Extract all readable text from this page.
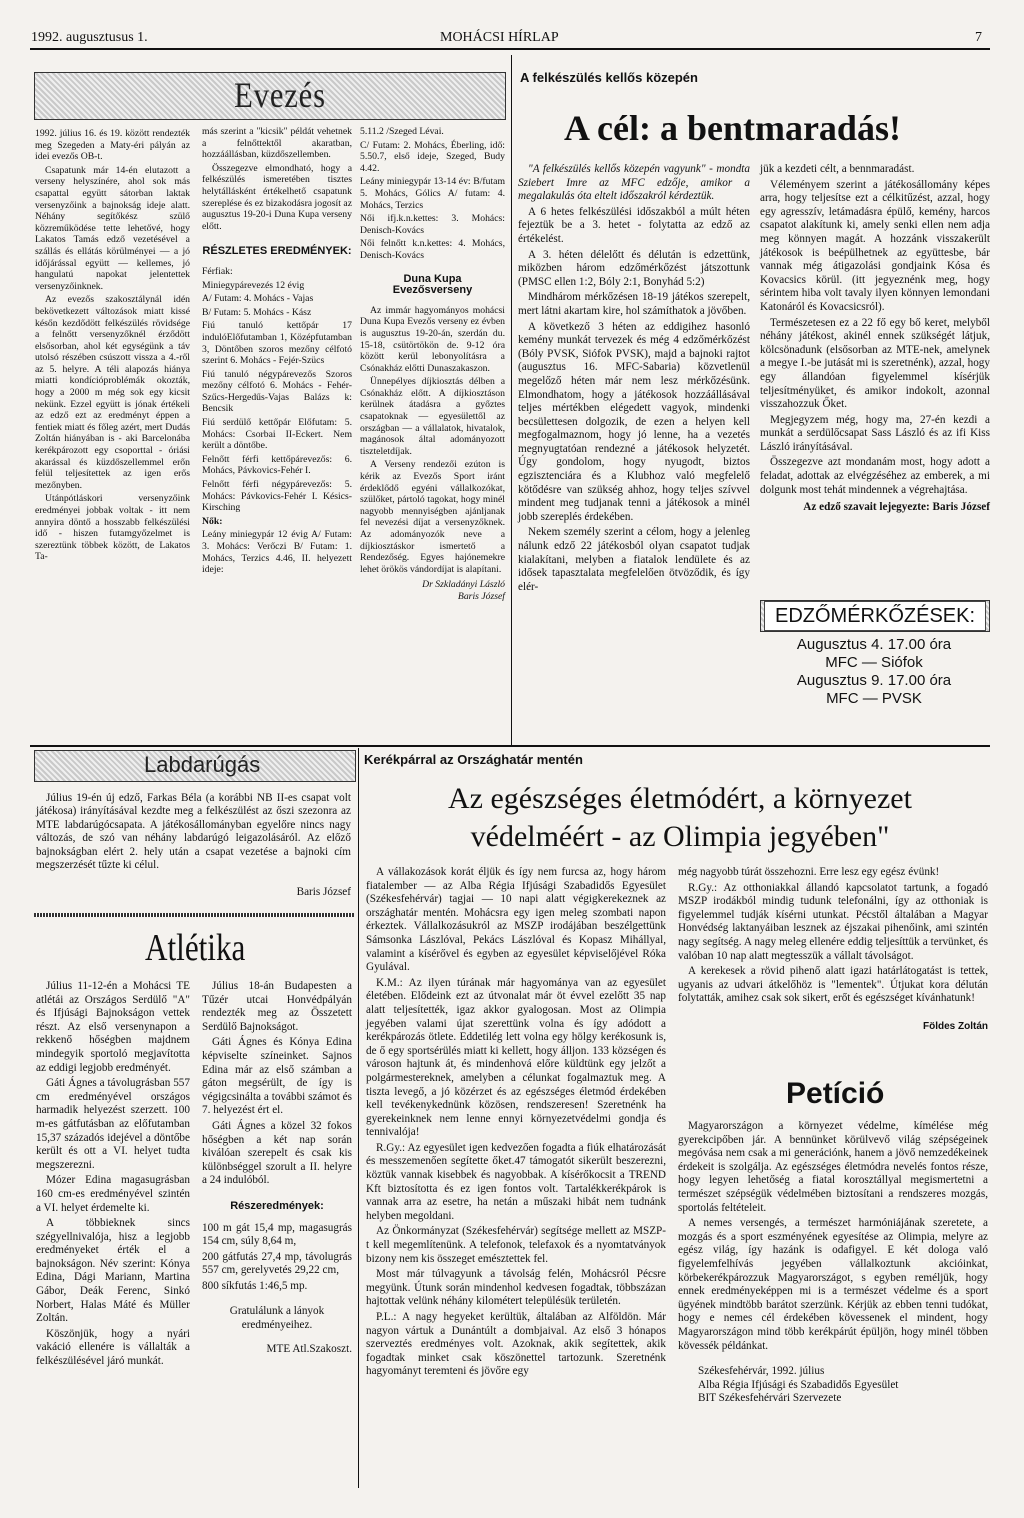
1992. augusztusus 1.	MOHÁCSI HÍRLAP	7
Evezés

1992. július 16. és 19. között rendezték meg Szegeden a Maty-éri pályán az idei evezős OB-t.

Csapatunk már 14-én elutazott a verseny helyszínére, ahol sok más csapattal együtt sátorban laktak versenyzőink a bajnokság ideje alatt. Néhány segítőkész szülő közreműködése tette lehetővé, hogy Lakatos Tamás edző vezetésével a szállás és ellátás körülményei — a jó időjárással együtt — kellemes, jó hangulatú napokat jelentettek versenyzőinknek.

Az evezős szakosztálynál idén bekövetkezett változások miatt kissé későn kezdődött felkészülés rövidsége a felnőtt versenyzőknél érződött elsősorban, ahol két egységünk a táv utolsó részében csúszott vissza a 4.-ről az 5. helyre. A téli alapozás hiánya miatti kondícióproblémák okozták, hogy a 2000 m még sok egy kicsit nekünk. Ezzel együtt is jónak értékeli az edző ezt az eredményt éppen a fentiek miatt és főleg azért, mert Dudás Zoltán hiányában is - aki Barcelonába kerékpározott egy csoporttal - óriási akarással és küzdőszellemmel erőn felül teljesítettek az igen erős mezőnyben.

Utánpótláskori versenyzőink eredményei jobbak voltak - itt nem annyira döntő a hosszabb felkészülési idő - hiszen futamgyőzelmet is szereztünk többek között, de Lakatos Ta-

más szerint a "kicsik" példát vehetnek a felnőttektől akaratban, hozzáállásban, küzdőszellemben.

Összegezve elmondható, hogy a felkészülés ismeretében tisztes helytállásként értékelhető csapatunk szereplése és ez bizakodásra jogosít az augusztus 19-20-i Duna Kupa verseny előtt.

RÉSZLETES EREDMÉNYEK:

Férfiak:

Miniegypárevezés 12 évig

A/ Futam: 4. Mohács - Vajas

B/ Futam: 5. Mohács - Kász

Fiú tanuló kettőpár 17 indulóElőfutamban 1, Középfutamban 3, Döntőben szoros mezőny célfotó szerint 6. Mohács - Fejér-Szücs

Fiú tanuló négypárevezős Szoros mezőny célfotó 6. Mohács - Fehér-Szűcs-Hergedűs-Vajas Balázs k: Bencsik

Fiú serdülő kettőpár Előfutam: 5. Mohács: Csorbai II-Eckert. Nem került a döntőbe.

Felnőtt férfi kettőpárevezős: 6. Mohács, Pávkovics-Fehér I.

Felnőtt férfi négypárevezős: 5. Mohács: Pávkovics-Fehér I. Késics-Kirsching

Nők:

Leány miniegypár 12 évig A/ Futam: 3. Mohács: Verőczi B/ Futam: 1. Mohács, Terzics 4.46, II. helyezett ideje:

5.11.2 /Szeged Lévai.

C/ Futam: 2. Mohács, Éberling, idő: 5.50.7, első ideje, Szeged, Budy 4.42.

Leány miniegypár 13-14 év: B/futam 5. Mohács, Gólics A/ futam: 4. Mohács, Terzics

Női ifj.k.n.kettes: 3. Mohács: Denisch-Kovács

Női felnőtt k.n.kettes: 4. Mohács, Denisch-Kovács

Duna Kupa Evezősverseny

Az immár hagyományos mohácsi Duna Kupa Evezős verseny ez évben is augusztus 19-20-án, szerdán du. 15-18, csütörtökön de. 9-12 óra között kerül lebonyolításra a Csónakház előtti Dunaszakaszon.

Ünnepélyes díjkiosztás délben a Csónakház előtt. A díjkiosztáson kerülnek átadásra a győztes csapatoknak — egyesülettől az országban — a vállalatok, hivatalok, magánosok által adományozott tiszteletdíjak.

A Verseny rendezői ezúton is kérik az Evezős Sport iránt érdeklődő egyéni vállalkozókat, szülőket, pártoló tagokat, hogy minél nagyobb mennyiségben ajánljanak fel nevezési díjat a versenyzőknek. Az adományozók neve a díjkiosztáskor ismertető a Rendezőség. Egyes hajónemekre lehet örökös vándordíjat is alapítani.

Dr Szkladányi László
Baris József
A felkészülés kellős közepén
A cél: a bentmaradás!

"A felkészülés kellős közepén vagyunk" - mondta Sziebert Imre az MFC edzője, amikor a megalakulás óta eltelt időszakról kérdeztük.

A 6 hetes felkészülési időszakból a múlt héten fejeztük be a 3. hetet - folytatta az edző az értékelést.

A 3. héten délelőtt és délután is edzettünk, miközben három edzőmérkőzést játszottunk (PMSC ellen 1:2, Bóly 2:1, Bonyhád 5:2)

Mindhárom mérkőzésen 18-19 játékos szerepelt, mert látni akartam kire, hol számíthatok a jövőben.

A következő 3 héten az eddigihez hasonló kemény munkát tervezek és még 4 edzőmérkőzést (Bóly PVSK, Siófok PVSK), majd a bajnoki rajtot (augusztus 16. MFC-Sabaria) közvetlenül megelőző héten már nem lesz mérkőzésünk. Elmondhatom, hogy a játékosok hozzáállásával teljes mértékben elégedett vagyok, mindenki becsülettesen dolgozik, de ezen a helyen kell megfogalmaznom, hogy jó lenne, ha a vezetés megnyugtatóan rendezné a játékosok helyzetét. Úgy gondolom, hogy nyugodt, biztos egzisztenciára és a Klubhoz való megfelelő kötődésre van szükség ahhoz, hogy teljes szívvel mindent meg tudjanak tenni a játékosok a minél jobb szereplés érdekében.

Nekem személy szerint a célom, hogy a jelenleg nálunk edző 22 játékosból olyan csapatot tudjak kialakítani, melyben a fiatalok lendülete és az idősek tapasztalata megfelelően ötvöződik, és így elér-

jük a kezdeti célt, a bennmaradást.

Véleményem szerint a játékosállomány képes arra, hogy teljesítse ezt a célkitűzést, azzal, hogy egy agresszív, letámadásra épülő, kemény, harcos csapatot alakítunk ki, amely senki ellen nem adja meg könnyen magát. A hozzánk visszakerült játékosok is beépülhetnek az együttesbe, bár vannak még átigazolási gondjaink Kósa és Kovacsics körül. (itt jegyeznénk meg, hogy sérintem hiba volt tavaly ilyen könnyen lemondani Katonáról és Kovacsicsról).

Természetesen ez a 22 fő egy bő keret, melyből néhány játékost, akinél ennek szükségét látjuk, kölcsönadunk (elsősorban az MTE-nek, amelynek a megye I.-be jutását mi is szeretnénk), azzal, hogy egy állandóan figyelemmel kísérjük teljesítményüket, és amikor indokolt, azonnal visszahozzuk Őket.

Megjegyzem még, hogy ma, 27-én kezdi a munkát a serdülőcsapat Sass László és az ifi Kiss László irányításával.

Összegezve azt mondanám most, hogy adott a feladat, adottak az elvégzéséhez az emberek, a mi dolgunk most tehát mindennek a végrehajtása.

Az edző szavait lejegyezte: Baris József
EDZŐMÉRKŐZÉSEK:
Augusztus 4. 17.00 óra
MFC — Siófok
Augusztus 9. 17.00 óra
MFC — PVSK
Labdarúgás

Július 19-én új edző, Farkas Béla (a korábbi NB II-es csapat volt játékosa) irányításával kezdte meg a felkészülést az őszi szezonra az MTE labdarúgócsapata. A játékosállományban egyelőre nincs nagy változás, de szó van néhány labdarúgó leigazolásáról. Az előző bajnokságban elért 2. hely után a csapat vezetése a bajnoki cím megszerzését tűzte ki célul.

Baris József
Atlétika

Július 11-12-én a Mohácsi TE atlétái az Országos Serdülő "A" és Ifjúsági Bajnokságon vettek részt. Az első versenynapon a rekkenő hőségben majdnem mindegyik sportoló megjavította az eddigi legjobb eredményét.

Gáti Ágnes a távolugrásban 557 cm eredményével országos harmadik helyezést szerzett. 100 m-es gátfutásban az előfutamban 15,37 századós idejével a döntőbe került és ott a VI. helyet tudta megszerezni.

Mózer Edina magasugrásban 160 cm-es eredményével szintén a VI. helyet érdemelte ki.

A többieknek sincs szégyellnivalója, hisz a legjobb eredményeket érték el a bajnokságon. Név szerint: Kónya Edina, Dági Mariann, Martina Gábor, Deák Ferenc, Sinkó Norbert, Halas Máté és Müller Zoltán.

Köszönjük, hogy a nyári vakáció ellenére is vállalták a felkészülésével járó munkát.

Július 18-án Budapesten a Tűzér utcai Honvédpályán rendezték meg az Összetett Serdülő Bajnokságot.

Gáti Ágnes és Kónya Edina képviselte színeinket. Sajnos Edina már az első számban a gáton megsérült, de így is végigcsinálta a további számot és 7. helyezést ért el.

Gáti Ágnes a közel 32 fokos hőségben a két nap során kiválóan szerepelt és csak kis különbséggel szorult a II. helyre a 24 indulóból.

Részeredmények:

100 m gát 15,4 mp, magasugrás 154 cm, súly 8,64 m,

200 gátfutás 27,4 mp, távolugrás 557 cm, gerelyvetés 29,22 cm,

800 síkfutás 1:46,5 mp.

Gratulálunk a lányok eredményeihez.

MTE Atl.Szakoszt.
Kerékpárral az Országhatár mentén
Az egészséges életmódért, a környezet
védelméért - az Olimpia jegyében"

A vállakozások korát éljük és így nem furcsa az, hogy három fiatalember — az Alba Régia Ifjúsági Szabadidős Egyesület (Székesfehérvár) tagjai — 10 napi alatt végigkerekeznek az országhatár mentén. Mohácsra egy igen meleg szombati napon érkeztek. Vállalkozásukról az MSZP irodájában beszélgettünk Sámsonka Lászlóval, Pekács Lászlóval és Kopasz Mihállyal, valamint a kísérővel és egyben az egyesület képviselőjével Róka Gyulával.

K.M.: Az ilyen túrának már hagyománya van az egyesület életében. Elődeink ezt az útvonalat már öt évvel ezelőtt 35 nap alatt teljesítették, igaz akkor gyalogosan. Most az Olimpia jegyében valami újat szerettünk volna és így adódott a kerékpározás ötlete. Eddetilég lett volna egy hölgy kerékosunk is, de ő egy sportsérülés miatt ki kellett, hogy álljon. 133 községen és városon hajtunk át, és mindenhová előre küldtünk egy jelzőt a polgármestereknek, amelyben a célunkat fogalmaztuk meg. A tiszta levegő, a jó közérzet és az egészséges életmód érdekében kell tevékenykednünk közösen, rendszeresen! Szeretnénk ha gyerekeinknek nem lenne ennyi környezetvédelmi gondja és tennivalója!

R.Gy.: Az egyesület igen kedvezően fogadta a fiúk elhatározását és messzemenően segítette őket.47 támogatót sikerült beszerezni, köztük vannak kisebbek és nagyobbak. A kísérőkocsit a TREND Kft biztosította és ez igen fontos volt. Tartalékkerékpárok is vannak arra az esetre, ha netán a műszaki hibát nem tudnánk helyben megoldani.

Az Önkormányzat (Székesfehérvár) segítsége mellett az MSZP-t kell megemlítenünk. A telefonok, telefaxok és a nyomtatványok bizony nem kis összeget emésztettek fel.

Most már túlvagyunk a távolság felén, Mohácsról Pécsre megyünk. Útunk során mindenhol kedvesen fogadtak, többszázan hajtottak velünk néhány kilométert településük területén.

P.L.: A nagy hegyeket kerültük, általában az Alföldön. Már nagyon vártuk a Dunántúlt a dombjaival. Az első 3 hónapos szerveztés eredményes volt. Azoknak, akik segítettek, akik fogadtak minket csak köszönettel tartozunk. Szeretnénk hagyományt teremteni és jövőre egy

még nagyobb túrát összehozni. Erre lesz egy egész évünk!

R.Gy.: Az otthoniakkal állandó kapcsolatot tartunk, a fogadó MSZP irodákból mindig tudunk telefonálni, így az otthoniak is figyelemmel tudják kísérni utunkat. Pécstől általában a Magyar Honvédség laktanyáiban lesznek az éjszakai pihenőink, ami szintén nagy segítség. A nagy meleg ellenére eddig teljesíttük a tervünket, és valóban 10 nap alatt megtesszük a vállalt távolságot.

A kerekesek a rövid pihenő alatt igazi határlátogatást is tettek, ugyanis az udvari átkelőhöz is "lementek". Útjukat kora délután folytatták, amihez csak sok sikert, erőt és egészséget kívánhatunk!

Földes Zoltán
Petíció

Magyarországon a környezet védelme, kímélése még gyerekcipőben jár. A bennünket körülvevő világ szépségeinek megóvása nem csak a mi generációnk, hanem a jövő nemzedékeinek érdekeit is szolgálja. Az egészséges életmódra nevelés fontos része, hogy legyen lehetőség a fiatal korosztállyal megismertetni a természet szépségük védelmében biztosítani a rendszeres mozgás, sportolás feltételeit.

A nemes versengés, a természet harmóniájának szeretete, a mozgás és a sport eszményének egyesítése az Olimpia, melyre az egész világ, így hazánk is odafigyel. E két dologa való figyelemfelhívás jegyében vállalkoztunk akcióinkat, körbekerékpározzuk Magyarországot, s egyben reméljük, hogy ennek eredményeképpen mi is a természet védelme és a sport ügyének mindtöbb barátot szerzünk. Kérjük az ebben tenni tudókat, hogy e nemes cél érdekében kövessenek el mindent, hogy Magyarországon mind több kerékpárút épüljön, hogy minél többen kövessék példánkat.

Székesfehérvár, 1992. július
Alba Régia Ifjúsági és Szabadidős Egyesület
BIT Székesfehérvári Szervezete
